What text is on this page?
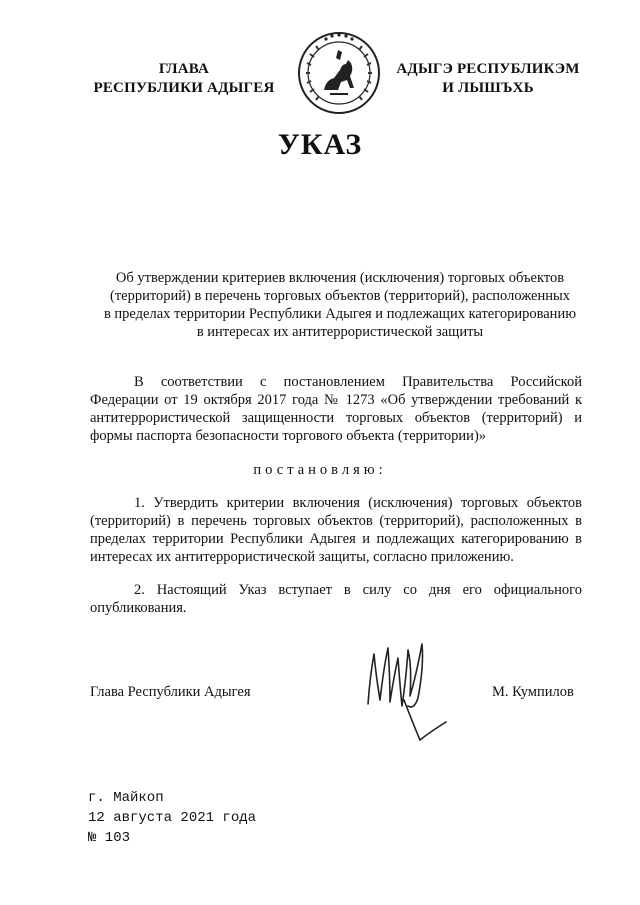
ГЛАВА
РЕСПУБЛИКИ АДЫГЕЯ
АДЫГЭ РЕСПУБЛИКЭМ
И ЛЫШЪХЬ
УКАЗ
Об утверждении критериев включения (исключения) торговых объектов
(территорий) в перечень торговых объектов (территорий), расположенных
в пределах территории Республики Адыгея и подлежащих категорированию
в интересах их антитеррористической защиты
В соответствии с постановлением Правительства Российской Федерации от 19 октября 2017 года № 1273 «Об утверждении требований к антитеррористической защищенности торговых объектов (территорий) и формы паспорта безопасности торгового объекта (территории)»
постановляю:
1. Утвердить критерии включения (исключения) торговых объектов (территорий) в перечень торговых объектов (территорий), расположенных в пределах территории Республики Адыгея и подлежащих категорированию в интересах их антитеррористической защиты, согласно приложению.
2. Настоящий Указ вступает в силу со дня его официального опубликования.
Глава Республики Адыгея	М. Кумпилов
г. Майкоп
12 августа 2021 года
№ 103
